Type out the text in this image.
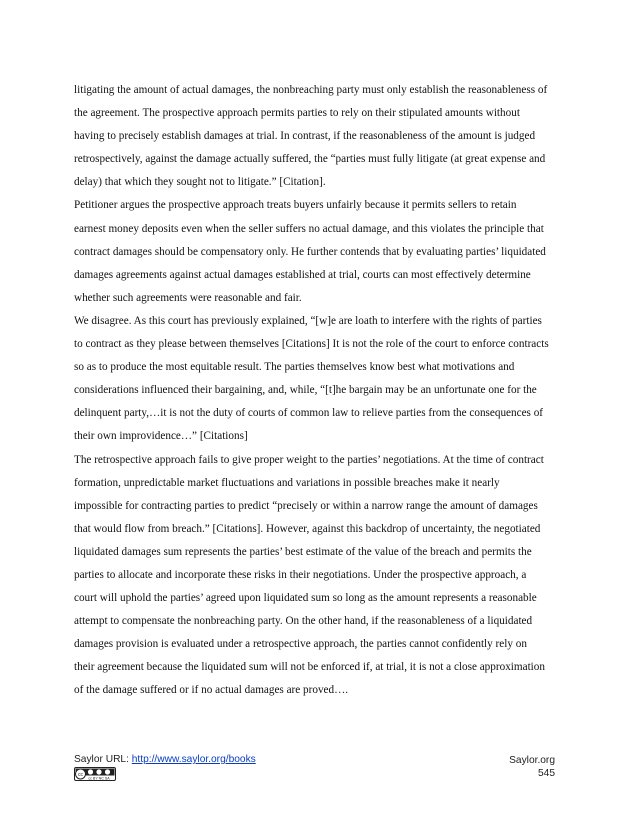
litigating the amount of actual damages, the nonbreaching party must only establish the reasonableness of
the agreement. The prospective approach permits parties to rely on their stipulated amounts without
having to precisely establish damages at trial. In contrast, if the reasonableness of the amount is judged
retrospectively, against the damage actually suffered, the “parties must fully litigate (at great expense and
delay) that which they sought not to litigate.” [Citation].
Petitioner argues the prospective approach treats buyers unfairly because it permits sellers to retain
earnest money deposits even when the seller suffers no actual damage, and this violates the principle that
contract damages should be compensatory only. He further contends that by evaluating parties’ liquidated
damages agreements against actual damages established at trial, courts can most effectively determine
whether such agreements were reasonable and fair.
We disagree. As this court has previously explained, “[w]e are loath to interfere with the rights of parties
to contract as they please between themselves [Citations] It is not the role of the court to enforce contracts
so as to produce the most equitable result. The parties themselves know best what motivations and
considerations influenced their bargaining, and, while, “[t]he bargain may be an unfortunate one for the
delinquent party,…it is not the duty of courts of common law to relieve parties from the consequences of
their own improvidence…” [Citations]
The retrospective approach fails to give proper weight to the parties’ negotiations. At the time of contract
formation, unpredictable market fluctuations and variations in possible breaches make it nearly
impossible for contracting parties to predict “precisely or within a narrow range the amount of damages
that would flow from breach.” [Citations]. However, against this backdrop of uncertainty, the negotiated
liquidated damages sum represents the parties’ best estimate of the value of the breach and permits the
parties to allocate and incorporate these risks in their negotiations. Under the prospective approach, a
court will uphold the parties’ agreed upon liquidated sum so long as the amount represents a reasonable
attempt to compensate the nonbreaching party. On the other hand, if the reasonableness of a liquidated
damages provision is evaluated under a retrospective approach, the parties cannot confidently rely on
their agreement because the liquidated sum will not be enforced if, at trial, it is not a close approximation
of the damage suffered or if no actual damages are proved….
Saylor URL: http://www.saylor.org/books
cc
cc BY NC SA
Saylor.org
545
